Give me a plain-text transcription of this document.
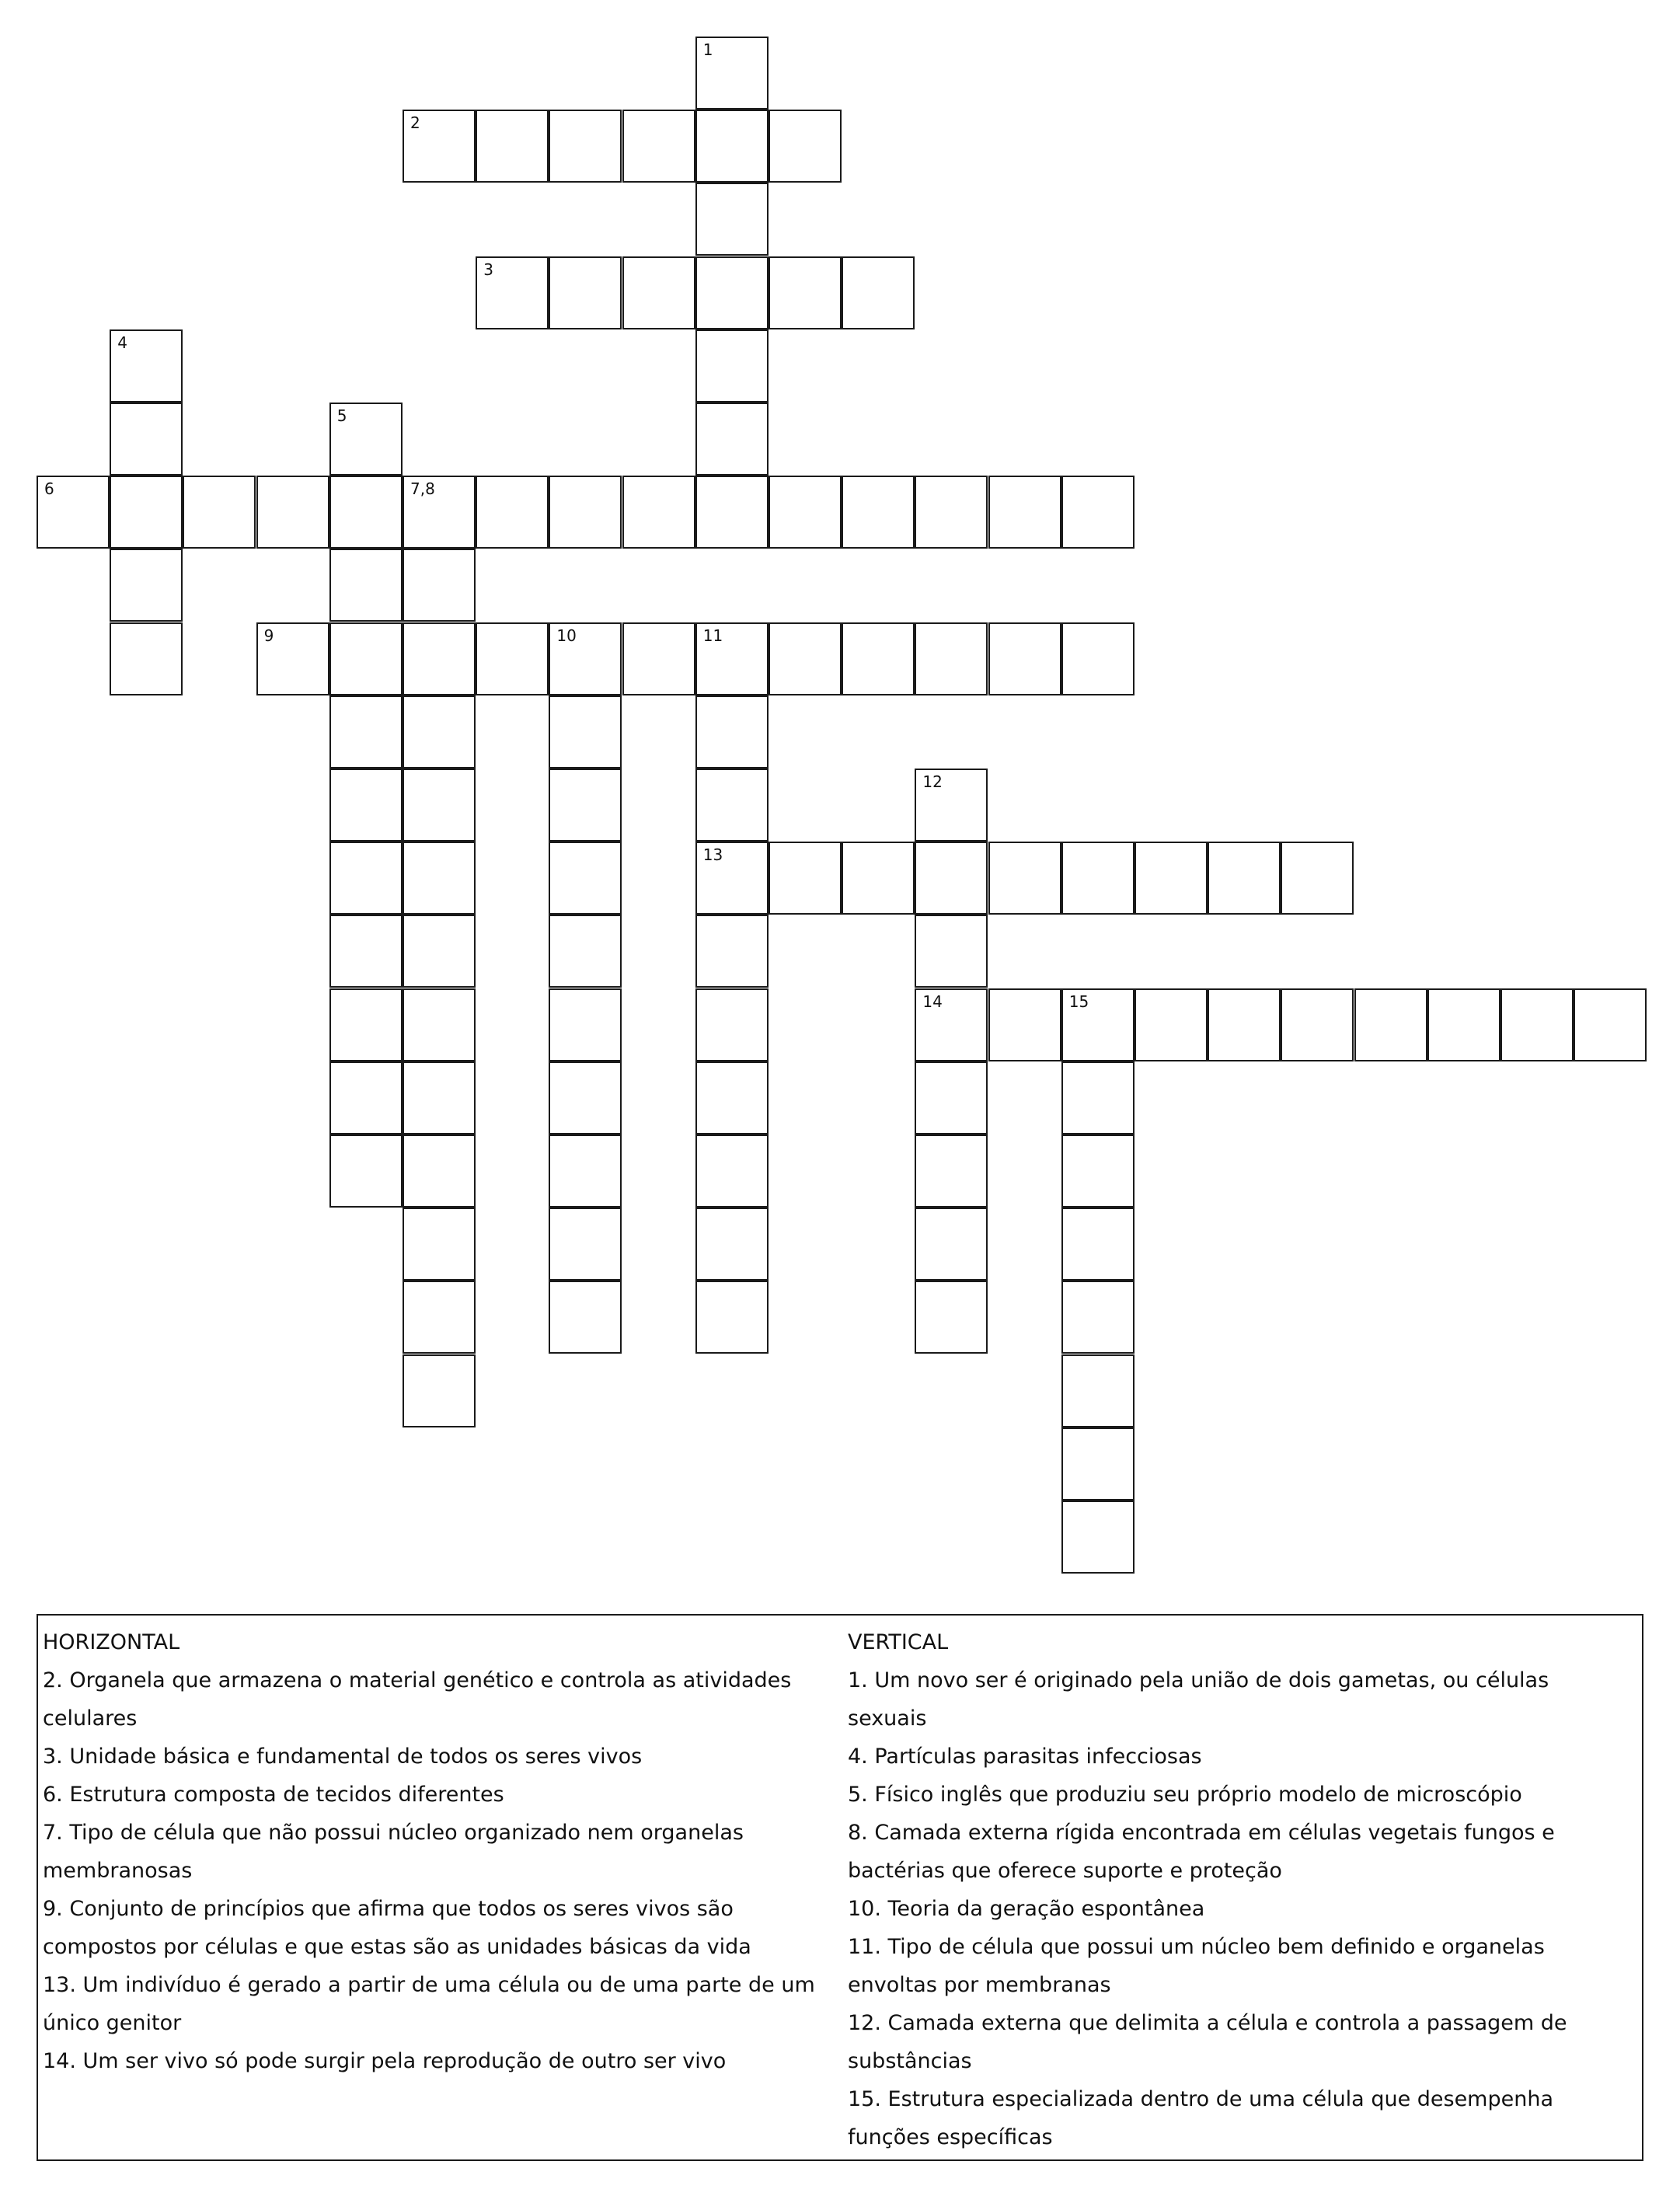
1
2
3
4
5
6	7,8
9	10	11
12
13
14	15
HORIZONTAL

2. Organela que armazena o material genético e controla as atividades celulares

3. Unidade básica e fundamental de todos os seres vivos

6. Estrutura composta de tecidos diferentes

7. Tipo de célula que não possui núcleo organizado nem organelas membranosas

9. Conjunto de princípios que afirma que todos os seres vivos são compostos por células e que estas são as unidades básicas da vida

13. Um indivíduo é gerado a partir de uma célula ou de uma parte de um único genitor

14. Um ser vivo só pode surgir pela reprodução de outro ser vivo

VERTICAL

1. Um novo ser é originado pela união de dois gametas, ou células sexuais

4. Partículas parasitas infecciosas

5. Físico inglês que produziu seu próprio modelo de microscópio

8. Camada externa rígida encontrada em células vegetais fungos e bactérias que oferece suporte e proteção

10. Teoria da geração espontânea

11. Tipo de célula que possui um núcleo bem definido e organelas envoltas por membranas

12. Camada externa que delimita a célula e controla a passagem de substâncias

15. Estrutura especializada dentro de uma célula que desempenha funções específicas
